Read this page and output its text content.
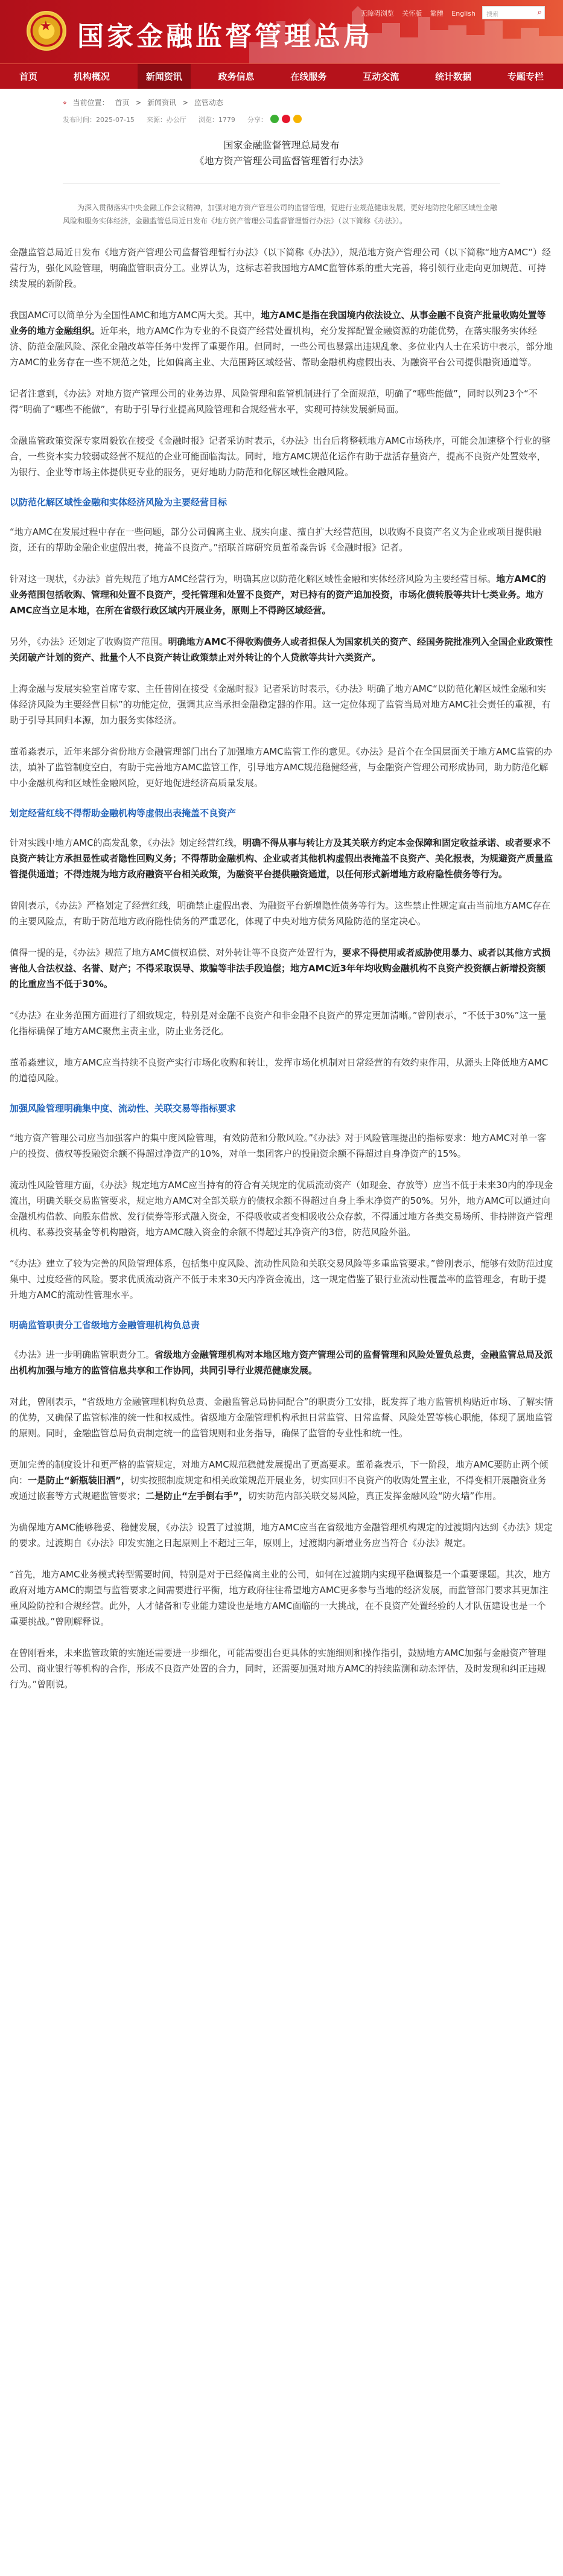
★ 国家金融监督管理总局
无障碍浏览 关怀版 繁體 English	搜索	⌕
首页	机构概况	新闻资讯	政务信息	在线服务	互动交流	统计数据	专题专栏
⌖ 当前位置： 首页 > 新闻资讯 > 监管动态
发布时间：2025-07-15 来源：办公厅 浏览：1779 分享：
国家金融监督管理总局发布
《地方资产管理公司监督管理暂行办法》
为深入贯彻落实中央金融工作会议精神，加强对地方资产管理公司的监督管理，促进行业规范健康发展，更好地防控化解区域性金融风险和服务实体经济，金融监管总局近日发布《地方资产管理公司监督管理暂行办法》（以下简称《办法》）。

金融监管总局近日发布《地方资产管理公司监督管理暂行办法》（以下简称《办法》），规范地方资产管理公司（以下简称“地方AMC”）经营行为，强化风险管理，明确监管职责分工。业界认为，这标志着我国地方AMC监管体系的重大完善，将引领行业走向更加规范、可持续发展的新阶段。

我国AMC可以简单分为全国性AMC和地方AMC两大类。其中，地方AMC是指在我国境内依法设立、从事金融不良资产批量收购处置等业务的地方金融组织。近年来，地方AMC作为专业的不良资产经营处置机构，充分发挥配置金融资源的功能优势，在落实服务实体经济、防范金融风险、深化金融改革等任务中发挥了重要作用。但同时，一些公司也暴露出违规乱象、多位业内人士在采访中表示，部分地方AMC的业务存在一些不规范之处，比如偏离主业、大范围跨区域经营、帮助金融机构虚假出表、为融资平台公司提供融资通道等。

记者注意到，《办法》对地方资产管理公司的业务边界、风险管理和监管机制进行了全面规范，明确了“哪些能做”，同时以列23个“不得”明确了“哪些不能做”，有助于引导行业提高风险管理和合规经营水平，实现可持续发展新局面。

金融监管政策资深专家周毅钦在接受《金融时报》记者采访时表示，《办法》出台后将整顿地方AMC市场秩序，可能会加速整个行业的整合，一些资本实力较弱或经营不规范的企业可能面临淘汰。同时，地方AMC规范化运作有助于盘活存量资产，提高不良资产处置效率，为银行、企业等市场主体提供更专业的服务，更好地助力防范和化解区域性金融风险。

以防范化解区域性金融和实体经济风险为主要经营目标

“地方AMC在发展过程中存在一些问题，部分公司偏离主业、脱实向虚、擅自扩大经营范围，以收购不良资产名义为企业或项目提供融资，还有的帮助金融企业虚假出表，掩盖不良资产。”招联首席研究员董希淼告诉《金融时报》记者。

针对这一现状，《办法》首先规范了地方AMC经营行为，明确其应以防范化解区域性金融和实体经济风险为主要经营目标。地方AMC的业务范围包括收购、管理和处置不良资产，受托管理和处置不良资产，对已持有的资产追加投资，市场化债转股等共计七类业务。地方AMC应当立足本地，在所在省级行政区域内开展业务，原则上不得跨区域经营。

另外，《办法》还划定了收购资产范围。明确地方AMC不得收购债务人或者担保人为国家机关的资产、经国务院批准列入全国企业政策性关闭破产计划的资产、批量个人不良资产转让政策禁止对外转让的个人贷款等共计六类资产。

上海金融与发展实验室首席专家、主任曾刚在接受《金融时报》记者采访时表示，《办法》明确了地方AMC“以防范化解区域性金融和实体经济风险为主要经营目标”的功能定位，强调其应当承担金融稳定器的作用。这一定位体现了监管当局对地方AMC社会责任的重视，有助于引导其回归本源，加力服务实体经济。

董希淼表示，近年来部分省份地方金融管理部门出台了加强地方AMC监管工作的意见。《办法》是首个在全国层面关于地方AMC监管的办法，填补了监管制度空白，有助于完善地方AMC监管工作，引导地方AMC规范稳健经营，与金融资产管理公司形成协同，助力防范化解中小金融机构和区域性金融风险，更好地促进经济高质量发展。

划定经营红线不得帮助金融机构等虚假出表掩盖不良资产

针对实践中地方AMC的高发乱象，《办法》划定经营红线，明确不得从事与转让方及其关联方约定本金保障和固定收益承诺、或者要求不良资产转让方承担显性或者隐性回购义务；不得帮助金融机构、企业或者其他机构虚假出表掩盖不良资产、美化报表，为规避资产质量监管提供通道；不得违规为地方政府融资平台相关政策，为融资平台提供融资通道，以任何形式新增地方政府隐性债务等行为。

曾刚表示，《办法》严格划定了经营红线，明确禁止虚假出表、为融资平台新增隐性债务等行为。这些禁止性规定直击当前地方AMC存在的主要风险点，有助于防范地方政府隐性债务的严重恶化，体现了中央对地方债务风险防范的坚定决心。

值得一提的是，《办法》规范了地方AMC债权追偿、对外转让等不良资产处置行为，要求不得使用或者威胁使用暴力、或者以其他方式损害他人合法权益、名誉、财产；不得采取误导、欺骗等非法手段追偿；地方AMC近3年年均收购金融机构不良资产投资额占新增投资额的比重应当不低于30%。

“《办法》在业务范围方面进行了细致规定，特别是对金融不良资产和非金融不良资产的界定更加清晰。”曾刚表示，“不低于30%”这一量化指标确保了地方AMC聚焦主责主业，防止业务泛化。

董希淼建议，地方AMC应当持续不良资产实行市场化收购和转让，发挥市场化机制对日常经营的有效约束作用，从源头上降低地方AMC的道德风险。

加强风险管理明确集中度、流动性、关联交易等指标要求

“地方资产管理公司应当加强客户的集中度风险管理，有效防范和分散风险。”《办法》对于风险管理提出的指标要求：地方AMC对单一客户的投资、债权等投融资余额不得超过净资产的10%，对单一集团客户的投融资余额不得超过自身净资产的15%。

流动性风险管理方面，《办法》规定地方AMC应当持有的符合有关规定的优质流动资产（如现金、存放等）应当不低于未来30内的净现金流出，明确关联交易监管要求，规定地方AMC对全部关联方的债权余额不得超过自身上季末净资产的50%。另外，地方AMC可以通过向金融机构借款、向股东借款、发行债券等形式融入资金，不得吸收或者变相吸收公众存款，不得通过地方各类交易场所、非持牌资产管理机构、私募投资基金等机构融资，地方AMC融入资金的余额不得超过其净资产的3倍，防范风险外溢。

“《办法》建立了较为完善的风险管理体系，包括集中度风险、流动性风险和关联交易风险等多重监管要求。”曾刚表示，能够有效防范过度集中、过度经营的风险。要求优质流动资产不低于未来30天内净资金流出，这一规定借鉴了银行业流动性覆盖率的监管理念，有助于提升地方AMC的流动性管理水平。

明确监管职责分工省级地方金融管理机构负总责

《办法》进一步明确监管职责分工。省级地方金融管理机构对本地区地方资产管理公司的监督管理和风险处置负总责，金融监管总局及派出机构加强与地方的监管信息共享和工作协同，共同引导行业规范健康发展。

对此，曾刚表示，“省级地方金融管理机构负总责、金融监管总局协同配合”的职责分工安排，既发挥了地方监管机构贴近市场、了解实情的优势，又确保了监管标准的统一性和权威性。省级地方金融管理机构承担日常监管、日常监督、风险处置等核心职能，体现了属地监管的原则。同时，金融监管总局负责制定统一的监管规则和业务指导，确保了监管的专业性和统一性。

更加完善的制度设计和更严格的监管规定，对地方AMC规范稳健发展提出了更高要求。董希淼表示，下一阶段，地方AMC要防止两个倾向：一是防止“新瓶装旧酒”，切实按照制度规定和相关政策规范开展业务，切实回归不良资产的收购处置主业，不得变相开展融资业务或通过嵌套等方式规避监管要求；二是防止“左手倒右手”，切实防范内部关联交易风险，真正发挥金融风险“防火墙”作用。

为确保地方AMC能够稳妥、稳健发展，《办法》设置了过渡期，地方AMC应当在省级地方金融管理机构规定的过渡期内达到《办法》规定的要求。过渡期自《办法》印发实施之日起原则上不超过三年，原则上，过渡期内新增业务应当符合《办法》规定。

“首先，地方AMC业务模式转型需要时间，特别是对于已经偏离主业的公司，如何在过渡期内实现平稳调整是一个重要课题。其次，地方政府对地方AMC的期望与监管要求之间需要进行平衡，地方政府往往希望地方AMC更多参与当地的经济发展，而监管部门要求其更加注重风险防控和合规经营。此外，人才储备和专业能力建设也是地方AMC面临的一大挑战，在不良资产处置经验的人才队伍建设也是一个重要挑战。”曾刚解释说。

在曾刚看来，未来监管政策的实施还需要进一步细化，可能需要出台更具体的实施细则和操作指引，鼓励地方AMC加强与金融资产管理公司、商业银行等机构的合作，形成不良资产处置的合力，同时，还需要加强对地方AMC的持续监测和动态评估，及时发现和纠正违规行为。”曾刚说。
